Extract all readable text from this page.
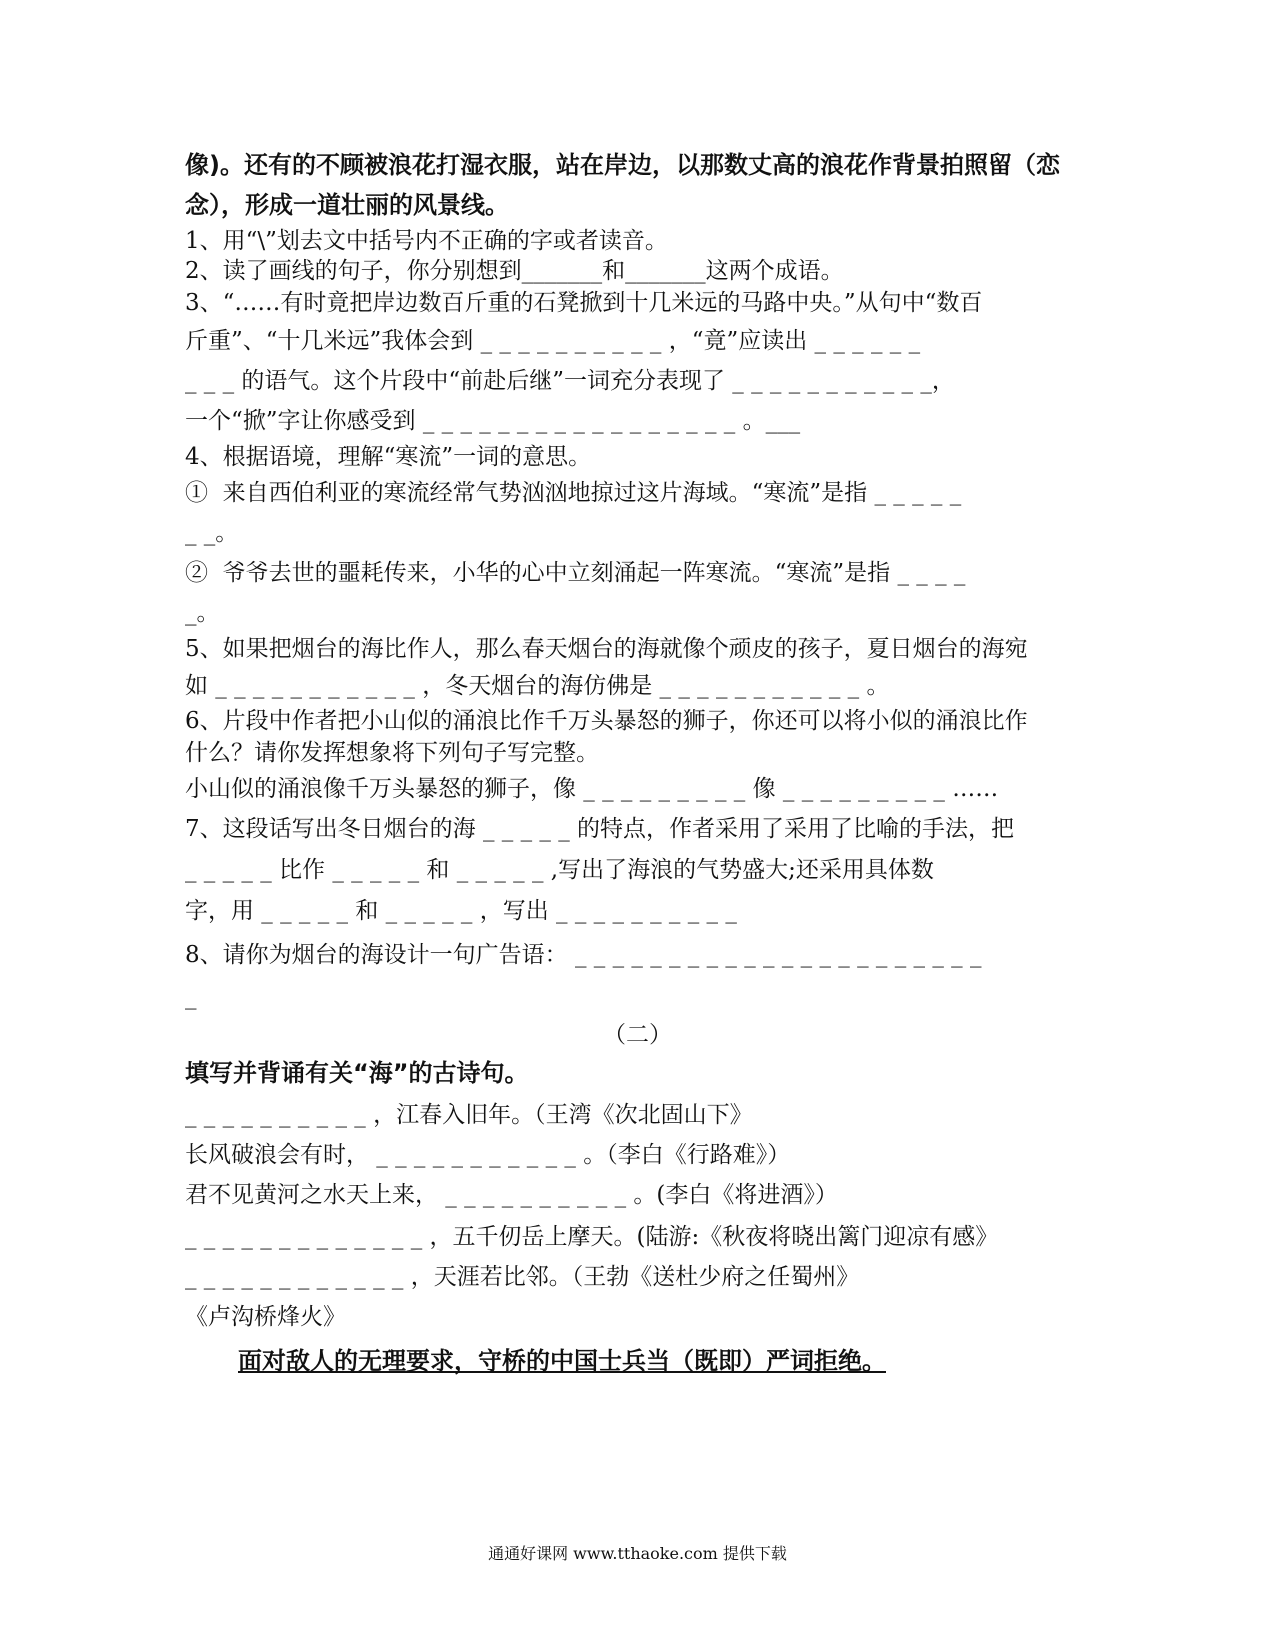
像)。还有的不顾被浪花打湿衣服，站在岸边，以那数丈高的浪花作背景拍照留（恋
念），形成一道壮丽的风景线。
1、用“\”划去文中括号内不正确的字或者读音。
2、读了画线的句子，你分别想到_______和_______这两个成语。
3、“……有时竟把岸边数百斤重的石凳掀到十几米远的马路中央。”从句中“数百
斤重”、“十几米远”我体会到 _ _ _ _ _ _ _ _ _ _ ，“竟”应读出 _ _ _ _ _ _
_ _ _ 的语气。这个片段中“前赴后继”一词充分表现了 _ _ _ _ _ _ _ _ _ _ _，
一个“掀”字让你感受到 _ _ _ _ _ _ _ _ _ _ _ _ _ _ _ _ _ 。___
4、根据语境，理解“寒流”一词的意思。
①  来自西伯利亚的寒流经常气势汹汹地掠过这片海域。“寒流”是指 _ _ _ _ _
_ _。
②  爷爷去世的噩耗传来，小华的心中立刻涌起一阵寒流。“寒流”是指 _ _ _ _
_。
5、如果把烟台的海比作人，那么春天烟台的海就像个顽皮的孩子，夏日烟台的海宛
如 _ _ _ _ _ _ _ _ _ _ _ ，冬天烟台的海仿佛是 _ _ _ _ _ _ _ _ _ _ _ 。
6、片段中作者把小山似的涌浪比作千万头暴怒的狮子，你还可以将小似的涌浪比作
什么？请你发挥想象将下列句子写完整。
小山似的涌浪像千万头暴怒的狮子，像 _ _ _ _ _ _ _ _ _ 像 _ _ _ _ _ _ _ _ _ ……
7、这段话写出冬日烟台的海 _ _ _ _ _ 的特点，作者采用了采用了比喻的手法，把
_ _ _ _ _ 比作 _ _ _ _ _ 和 _ _ _ _ _ ,写出了海浪的气势盛大;还采用具体数
字，用 _ _ _ _ _ 和 _ _ _ _ _ ，写出 _ _ _ _ _ _ _ _ _ _
8、请你为烟台的海设计一句广告语： _ _ _ _ _ _ _ _ _ _ _ _ _ _ _ _ _ _ _ _ _ _
_
（二）
填写并背诵有关“海”的古诗句。
_ _ _ _ _ _ _ _ _ _ ，江春入旧年。（王湾《次北固山下》
长风破浪会有时， _ _ _ _ _ _ _ _ _ _ _ 。（李白《行路难》）
君不见黄河之水天上来， _ _ _ _ _ _ _ _ _ _ 。(李白《将进酒》）
_ _ _ _ _ _ _ _ _ _ _ _ _ ，五千仞岳上摩天。(陆游:《秋夜将晓出篱门迎凉有感》
_ _ _ _ _ _ _ _ _ _ _ _ ，天涯若比邻。（王勃《送杜少府之任蜀州》
《卢沟桥烽火》
面对敌人的无理要求，守桥的中国士兵当（既即）严词拒绝。
通通好课网 www.tthaoke.com 提供下载
